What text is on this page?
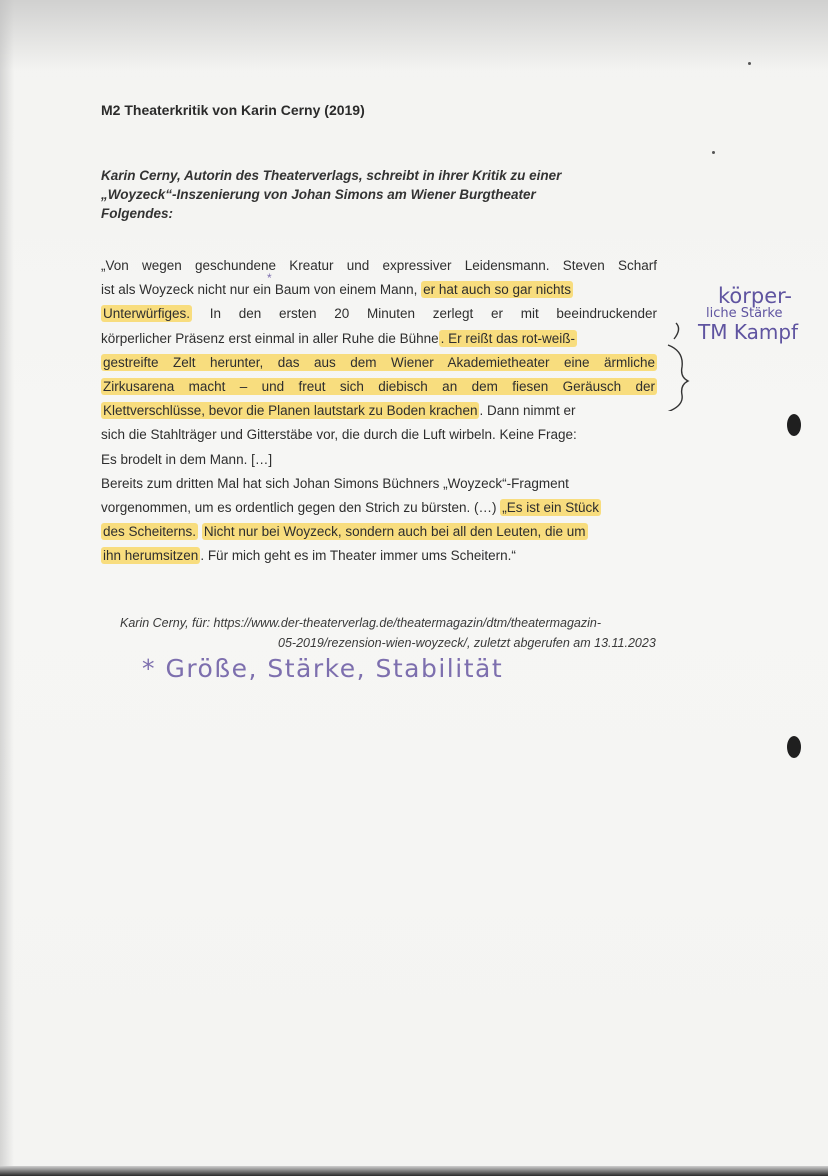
M2 Theaterkritik von Karin Cerny (2019)
Karin Cerny, Autorin des Theaterverlags, schreibt in ihrer Kritik zu einer
„Woyzeck“-Inszenierung von Johan Simons am Wiener Burgtheater
Folgendes:
„Von wegen geschundene Kreatur und expressiver Leidensmann. Steven Scharf
ist als Woyzeck nicht nur ein Baum von einem Mann, er hat auch so gar nichts
*
Unterwürfiges. In den ersten 20 Minuten zerlegt er mit beeindruckender
körperlicher Präsenz erst einmal in aller Ruhe die Bühne . Er reißt das rot-weiß-
gestreifte Zelt herunter, das aus dem Wiener Akademietheater eine ärmliche
Zirkusarena macht – und freut sich diebisch an dem fiesen Geräusch der
Klettverschlüsse, bevor die Planen lautstark zu Boden krachen . Dann nimmt er
sich die Stahlträger und Gitterstäbe vor, die durch die Luft wirbeln. Keine Frage:
Es brodelt in dem Mann. […]
Bereits zum dritten Mal hat sich Johan Simons Büchners „Woyzeck“-Fragment
vorgenommen, um es ordentlich gegen den Strich zu bürsten. (…) „Es ist ein Stück
des Scheiterns. Nicht nur bei Woyzeck, sondern auch bei all den Leuten, die um
ihn herumsitzen . Für mich geht es im Theater immer ums Scheitern.“
körper-
liche Stärke
TM Kampf
Karin Cerny, für: https://www.der-theaterverlag.de/theatermagazin/dtm/theatermagazin-
05-2019/rezension-wien-woyzeck/, zuletzt abgerufen am 13.11.2023
* Größe, Stärke, Stabilität
